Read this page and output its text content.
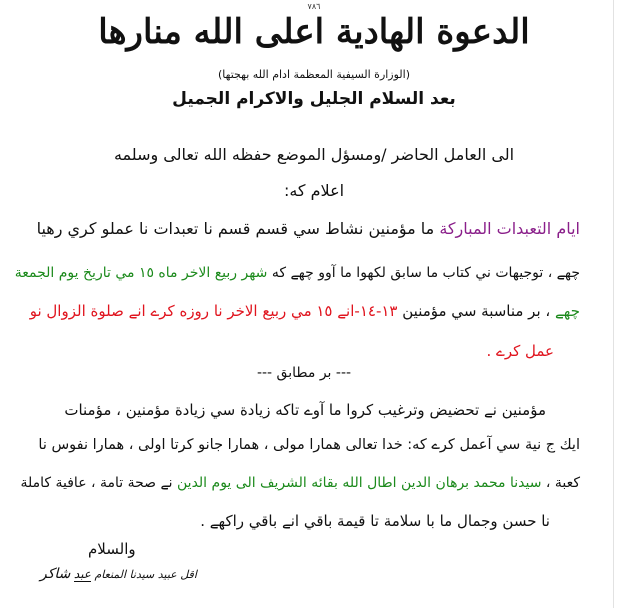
٧٨٦
الدعوة الهادية اعلى الله منارها
(الوزارة السيفية المعظمة ادام الله بهجتها)
بعد السلام الجليل والاكرام الجميل
الى العامل الحاضر /ومسؤل الموضع حفظه الله تعالى وسلمه
اعلام كه:
ايام التعبدات المباركة ما مؤمنين نشاط سي قسم قسم نا تعبدات نا عملو كري رهيا
چهے ، توجيهات ني كتاب ما سابق لكهوا ما آوو چهے كه شهر ربيع الاخر ماه ١٥ مي تاريخ يوم الجمعة
چهے ، بر مناسبة سي مؤمنين ١٣-١٤-انے ١٥ مي ربيع الاخر نا روزه كرے انے صلوة الزوال نو
عمل كرے .
--- بر مطابق ---
مؤمنين نے تحضيض وترغيب كروا ما آوے تاكه زيادة سي زيادة مؤمنين ، مؤمنات
ايك ج نية سي آعمل كرے كه: خدا تعالى همارا مولى ، همارا جانو كرتا اولى ، همارا نفوس نا
كعبة ، سيدنا محمد برهان الدين اطال الله بقائه الشريف الى يوم الدين نے صحة تامة ، عافية كاملة
نا حسن وجمال ما با سلامة تا قيمة باقي انے باقي راكهے .
والسلام
اقل عبيد سيدنا المنعام عبد شاكر
